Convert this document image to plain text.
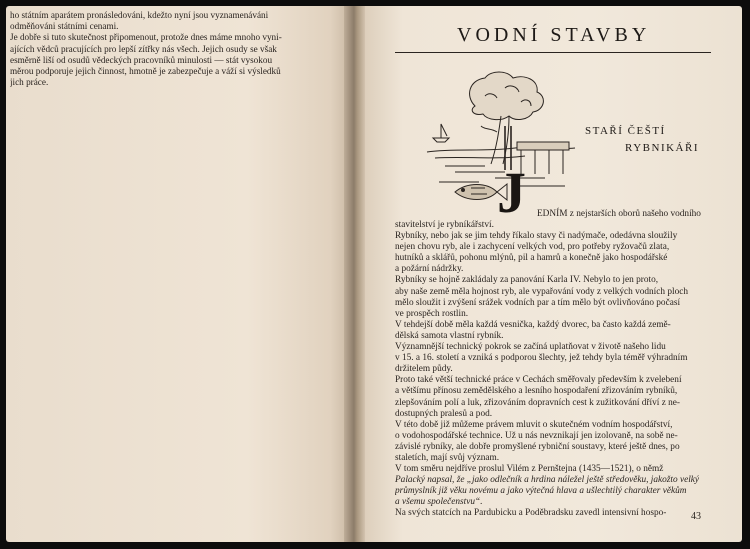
ho státním aparátem pronásledováni, kdežto nyní jsou vyznamenáváni
odměňováni státními cenami.
Je dobře si tuto skutečnost připomenout, protože dnes máme mnoho vyni-
ajících vědců pracujících pro lepší zítřky nás všech. Jejich osudy se však
esměrně liší od osudů vědeckých pracovníků minulosti — stát vysokou
měrou podporuje jejich činnost, hmotně je zabezpečuje a váží si výsledků
jich práce.
VODNÍ STAVBY
STAŘÍ ČEŠTÍ
RYBNIKÁŘI
J EDNÍM z nejstarších oborů našeho vodního
stavitelství je rybníkářství.
Rybníky, nebo jak se jim tehdy říkalo stavy či nadýmače, odedávna sloužily
nejen chovu ryb, ale i zachycení velkých vod, pro potřeby ryžovačů zlata,
hutníků a sklářů, pohonu mlýnů, pil a hamrů a konečně jako hospodářské
a požární nádržky.
Rybníky se hojně zakládaly za panování Karla IV. Nebylo to jen proto,
aby naše země měla hojnost ryb, ale vypařování vody z velkých vodních ploch
mělo sloužit i zvýšení srážek vodních par a tím mělo být ovlivňováno počasí
ve prospěch rostlin.
V tehdejší době měla každá vesnička, každý dvorec, ba často každá země-
dělská samota vlastní rybník.
Významnější technický pokrok se začíná uplatňovat v životě našeho lidu
v 15. a 16. století a vzniká s podporou šlechty, jež tehdy byla téměř výhradním
držitelem půdy.
Proto také větší technické práce v Čechách směřovaly především k zvelebení
a většímu přínosu zemědělského a lesního hospodaření zřizováním rybníků,
zlepšováním polí a luk, zřizováním dopravních cest k zužitkování dříví z ne-
dostupných pralesů a pod.
V této době již můžeme právem mluvit o skutečném vodním hospodářství,
o vodohospodářské technice. Už u nás nevznikají jen izolovaně, na sobě ne-
závislé rybníky, ale dobře promyšlené rybniční soustavy, které ještě dnes, po
staletích, mají svůj význam.
V tom směru nejdříve proslul Vilém z Pernštejna (1435—1521), o němž
Palacký napsal, že „jako odlečník a hrdina náležel ještě středověku, jakožto velký
průmyslník již věku novému a jako výtečná hlava a ušlechtilý charakter věkům
a všemu společenstvu“.
Na svých statcích na Pardubicku a Poděbradsku zavedl intensivní hospo-	43
